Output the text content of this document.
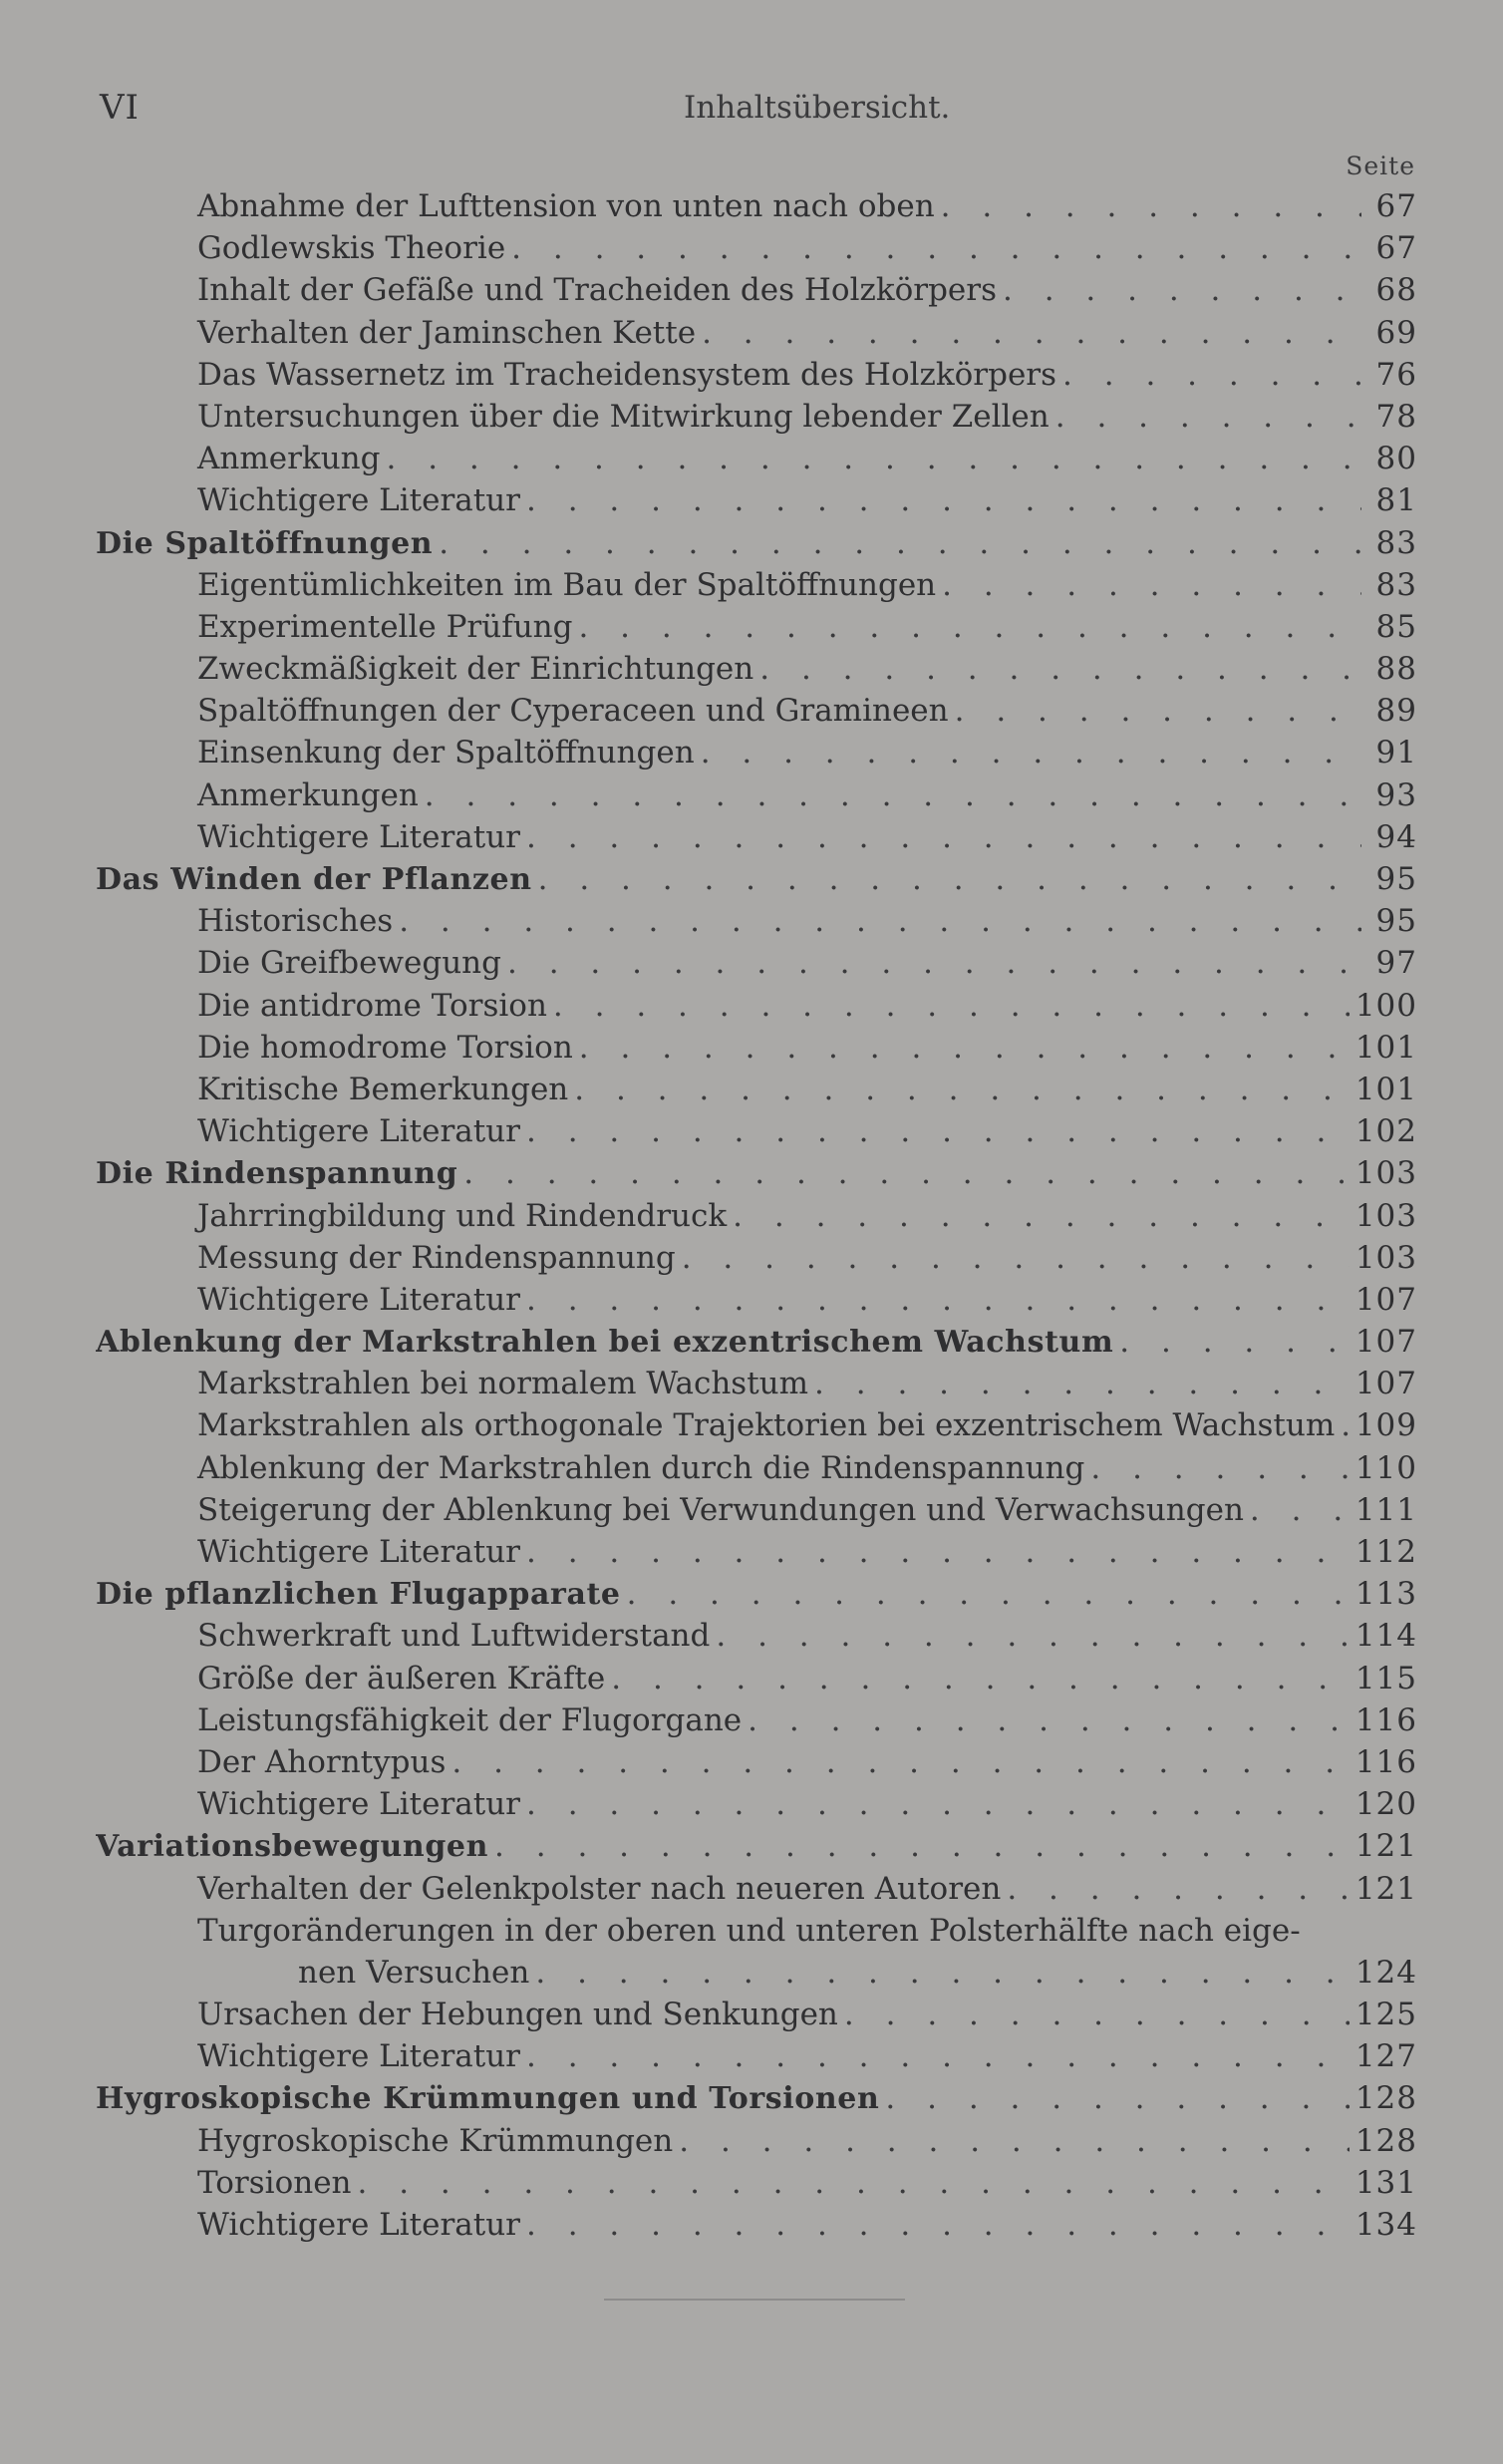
VI	Inhaltsübersicht.
Seite
Abnahme der Lufttension von unten nach oben . . .	67
Godlewskis Theorie . . .	67
Inhalt der Gefäße und Tracheiden des Holzkörpers . . .	68
Verhalten der Jaminschen Kette . . .	69
Das Wassernetz im Tracheidensystem des Holzkörpers . . .	76
Untersuchungen über die Mitwirkung lebender Zellen . . .	78
Anmerkung . . .	80
Wichtigere Literatur . . .	81
Die Spaltöffnungen . . .	83
Eigentümlichkeiten im Bau der Spaltöffnungen . . .	83
Experimentelle Prüfung . . .	85
Zweckmäßigkeit der Einrichtungen . . .	88
Spaltöffnungen der Cyperaceen und Gramineen . . .	89
Einsenkung der Spaltöffnungen . . .	91
Anmerkungen . . .	93
Wichtigere Literatur . . .	94
Das Winden der Pflanzen . . .	95
Historisches . . .	95
Die Greifbewegung . . .	97
Die antidrome Torsion . . .	100
Die homodrome Torsion . . .	101
Kritische Bemerkungen . . .	101
Wichtigere Literatur . . .	102
Die Rindenspannung . . .	103
Jahrringbildung und Rindendruck . . .	103
Messung der Rindenspannung . . .	103
Wichtigere Literatur . . .	107
Ablenkung der Markstrahlen bei exzentrischem Wachstum . . .	107
Markstrahlen bei normalem Wachstum . . .	107
Markstrahlen als orthogonale Trajektorien bei exzentrischem Wachstum . . . 109
Ablenkung der Markstrahlen durch die Rindenspannung . . .	110
Steigerung der Ablenkung bei Verwundungen und Verwachsungen . . .	111
Wichtigere Literatur . . .	112
Die pflanzlichen Flugapparate . . .	113
Schwerkraft und Luftwiderstand . . .	114
Größe der äußeren Kräfte . . .	115
Leistungsfähigkeit der Flugorgane . . .	116
Der Ahorntypus . . .	116
Wichtigere Literatur . . .	120
Variationsbewegungen . . .	121
Verhalten der Gelenkpolster nach neueren Autoren . . .	121
Turgoränderungen in der oberen und unteren Polsterhälfte nach eige-
nen Versuchen . . .	124
Ursachen der Hebungen und Senkungen . . .	125
Wichtigere Literatur . . .	127
Hygroskopische Krümmungen und Torsionen . . .	128
Hygroskopische Krümmungen . . .	128
Torsionen . . .	131
Wichtigere Literatur . . .	134
